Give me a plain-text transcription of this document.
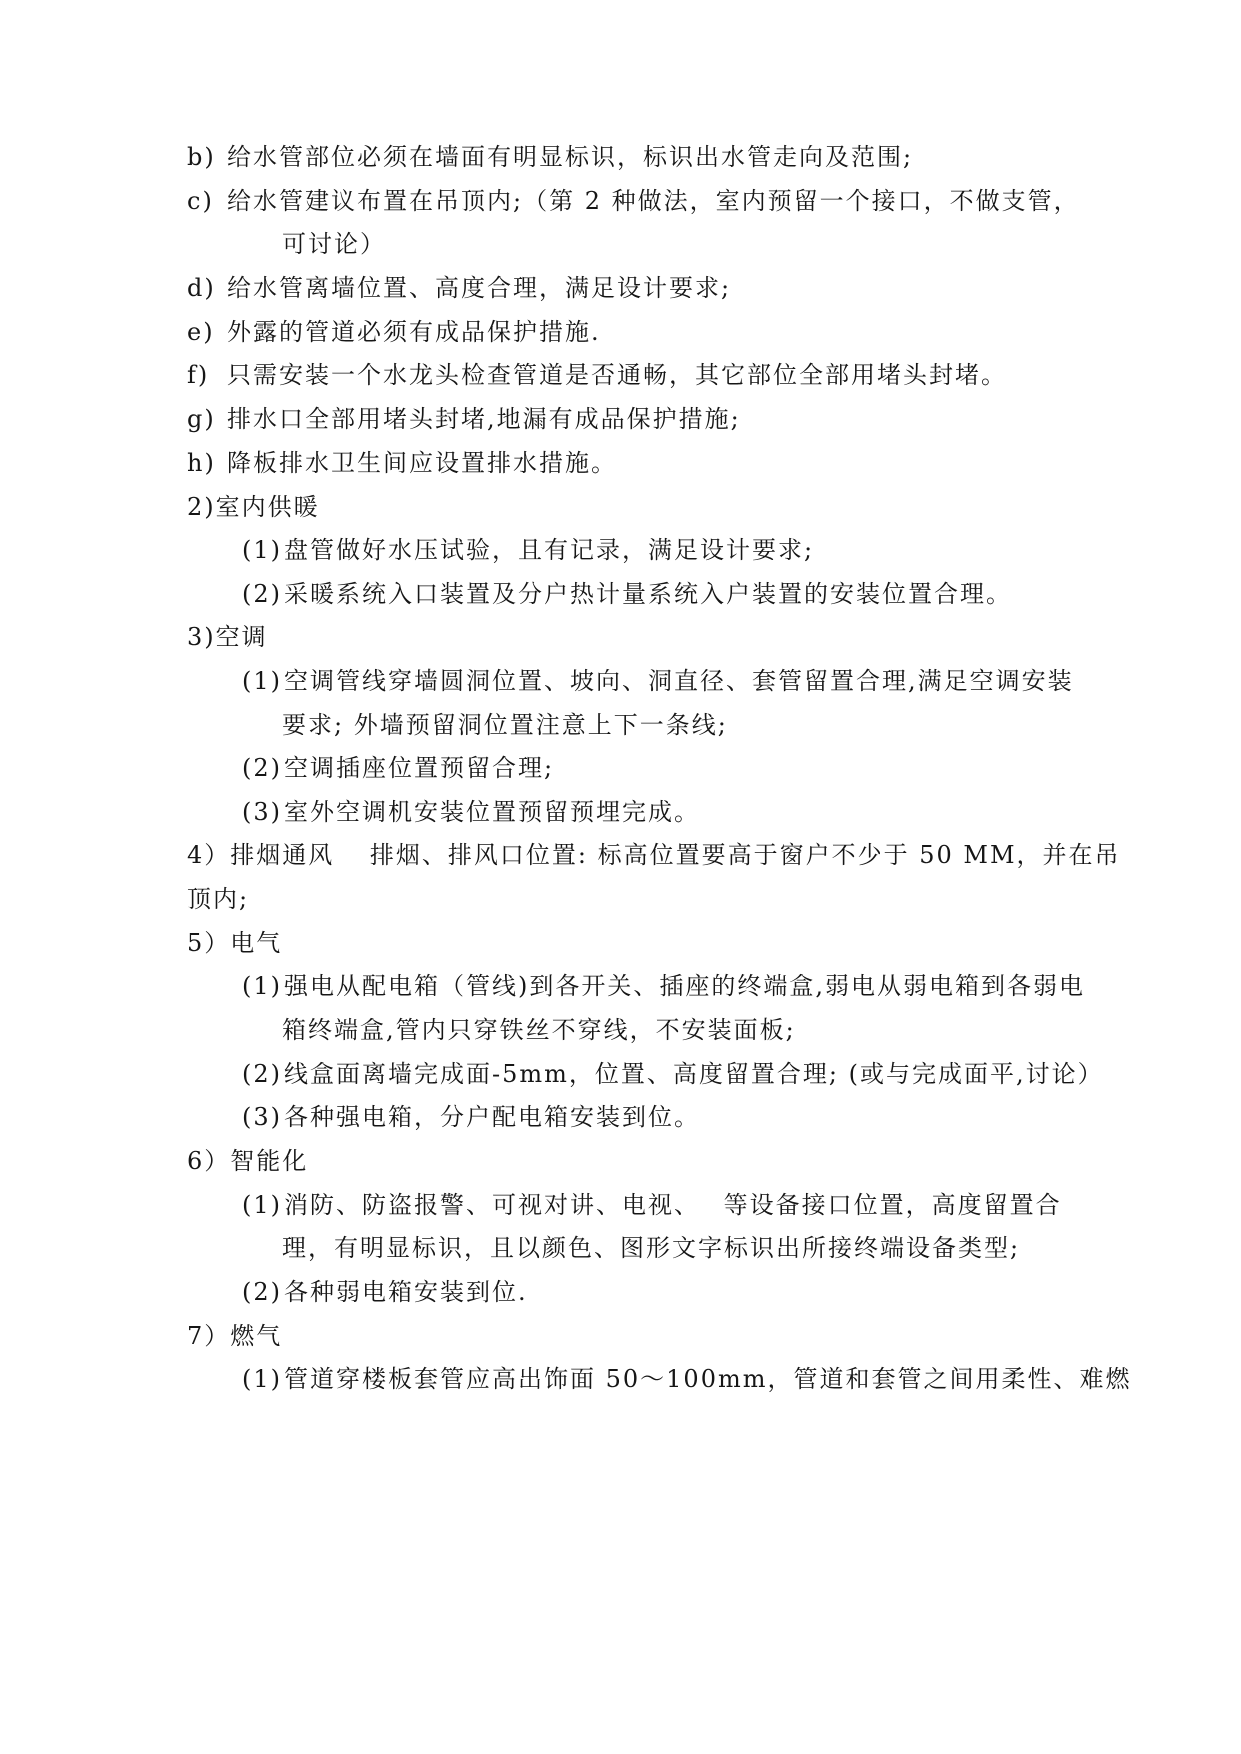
b) 给水管部位必须在墙面有明显标识，标识出水管走向及范围;
c) 给水管建议布置在吊顶内;（第 2 种做法，室内预留一个接口，不做支管，
可讨论）
d) 给水管离墙位置、高度合理，满足设计要求;
e) 外露的管道必须有成品保护措施.
f) 只需安装一个水龙头检查管道是否通畅，其它部位全部用堵头封堵。
g) 排水口全部用堵头封堵,地漏有成品保护措施;
h) 降板排水卫生间应设置排水措施。
2)室内供暖
(1)盘管做好水压试验，且有记录，满足设计要求;
(2)采暖系统入口装置及分户热计量系统入户装置的安装位置合理。
3)空调
(1)空调管线穿墙圆洞位置、坡向、洞直径、套管留置合理,满足空调安装
要求; 外墙预留洞位置注意上下一条线;
(2)空调插座位置预留合理;
(3)室外空调机安装位置预留预埋完成。
4）排烟通风　 排烟、排风口位置: 标高位置要高于窗户不少于 50 MM，并在吊
顶内;
5）电气
(1)强电从配电箱（管线)到各开关、插座的终端盒,弱电从弱电箱到各弱电
箱终端盒,管内只穿铁丝不穿线，不安装面板;
(2)线盒面离墙完成面-5mm，位置、高度留置合理; (或与完成面平,讨论）
(3)各种强电箱，分户配电箱安装到位。
6）智能化
(1)消防、防盗报警、可视对讲、电视、　 等设备接口位置，高度留置合
理，有明显标识，且以颜色、图形文字标识出所接终端设备类型;
(2)各种弱电箱安装到位.
7）燃气
(1)管道穿楼板套管应高出饰面 50～100mm，管道和套管之间用柔性、难燃
